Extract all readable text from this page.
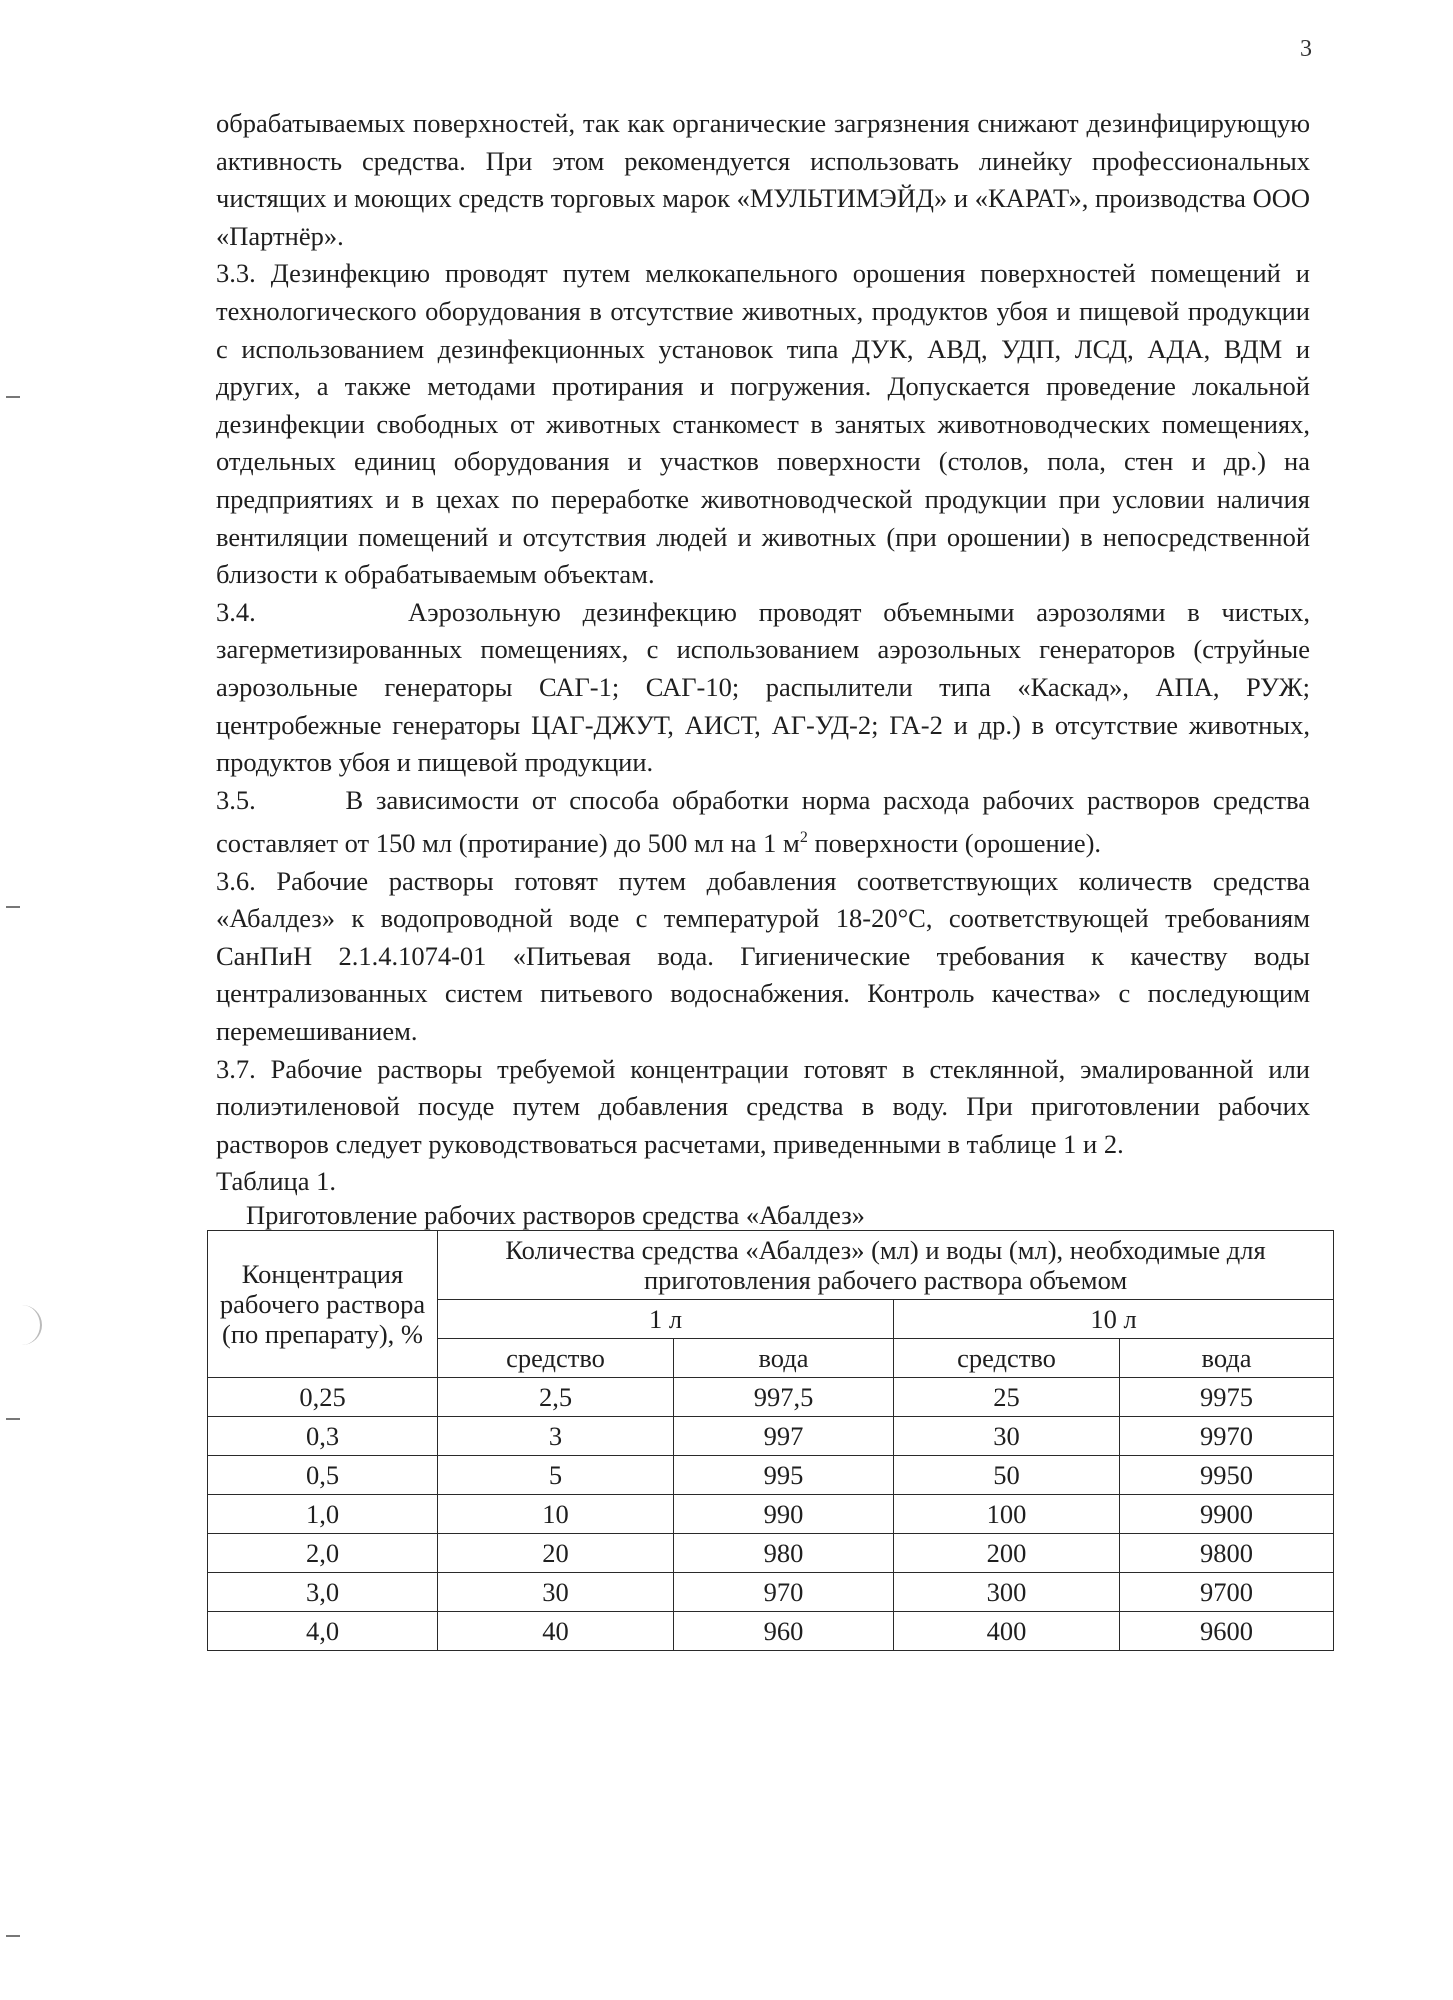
3

обрабатываемых поверхностей, так как органические загрязнения снижают дезинфицирующую активность средства. При этом рекомендуется использовать линейку профессиональных чистящих и моющих средств торговых марок «МУЛЬТИМЭЙД» и «КАРАТ», производства ООО «Партнёр».

3.3. Дезинфекцию проводят путем мелкокапельного орошения поверхностей помещений и технологического оборудования в отсутствие животных, продуктов убоя и пищевой продукции с использованием дезинфекционных установок типа ДУК, АВД, УДП, ЛСД, АДА, ВДМ и других, а также методами протирания и погружения. Допускается проведение локальной дезинфекции свободных от животных станкомест в занятых животноводческих помещениях, отдельных единиц оборудования и участков поверхности (столов, пола, стен и др.) на предприятиях и в цехах по переработке животноводческой продукции при условии наличия вентиляции помещений и отсутствия людей и животных (при орошении) в непосредственной близости к обрабатываемым объектам.

3.4.       Аэрозольную дезинфекцию проводят объемными аэрозолями в чистых, загерметизированных помещениях, с использованием аэрозольных генераторов (струйные аэрозольные генераторы САГ-1; САГ-10; распылители типа «Каскад», АПА, РУЖ; центробежные генераторы ЦАГ-ДЖУТ, АИСТ, АГ-УД-2; ГА-2 и др.) в отсутствие животных, продуктов убоя и пищевой продукции.

3.5.       В зависимости от способа обработки норма расхода рабочих растворов средства составляет от 150 мл (протирание) до 500 мл на 1 $м^2$ поверхности (орошение).

3.6. Рабочие растворы готовят путем добавления соответствующих количеств средства «Абалдез» к водопроводной воде с температурой 18-20°С, соответствующей требованиям СанПиН 2.1.4.1074-01 «Питьевая вода. Гигиенические требования к качеству воды централизованных систем питьевого водоснабжения. Контроль качества» с последующим перемешиванием.

3.7. Рабочие растворы требуемой концентрации готовят в стеклянной, эмалированной или полиэтиленовой посуде путем добавления средства в воду. При приготовлении рабочих растворов следует руководствоваться расчетами, приведенными в таблице 1 и 2.

Таблица 1.

Приготовление рабочих растворов средства «Абалдез»

Концентрация рабочего раствора (по препарату), %	Количества средства «Абалдез» (мл) и воды (мл), необходимые для приготовления рабочего раствора объемом			
	1 л		10 л	
	средство	вода	средство	вода
0,25	2,5	997,5	25	9975
0,3	3	997	30	9970
0,5	5	995	50	9950
1,0	10	990	100	9900
2,0	20	980	200	9800
3,0	30	970	300	9700
4,0	40	960	400	9600
